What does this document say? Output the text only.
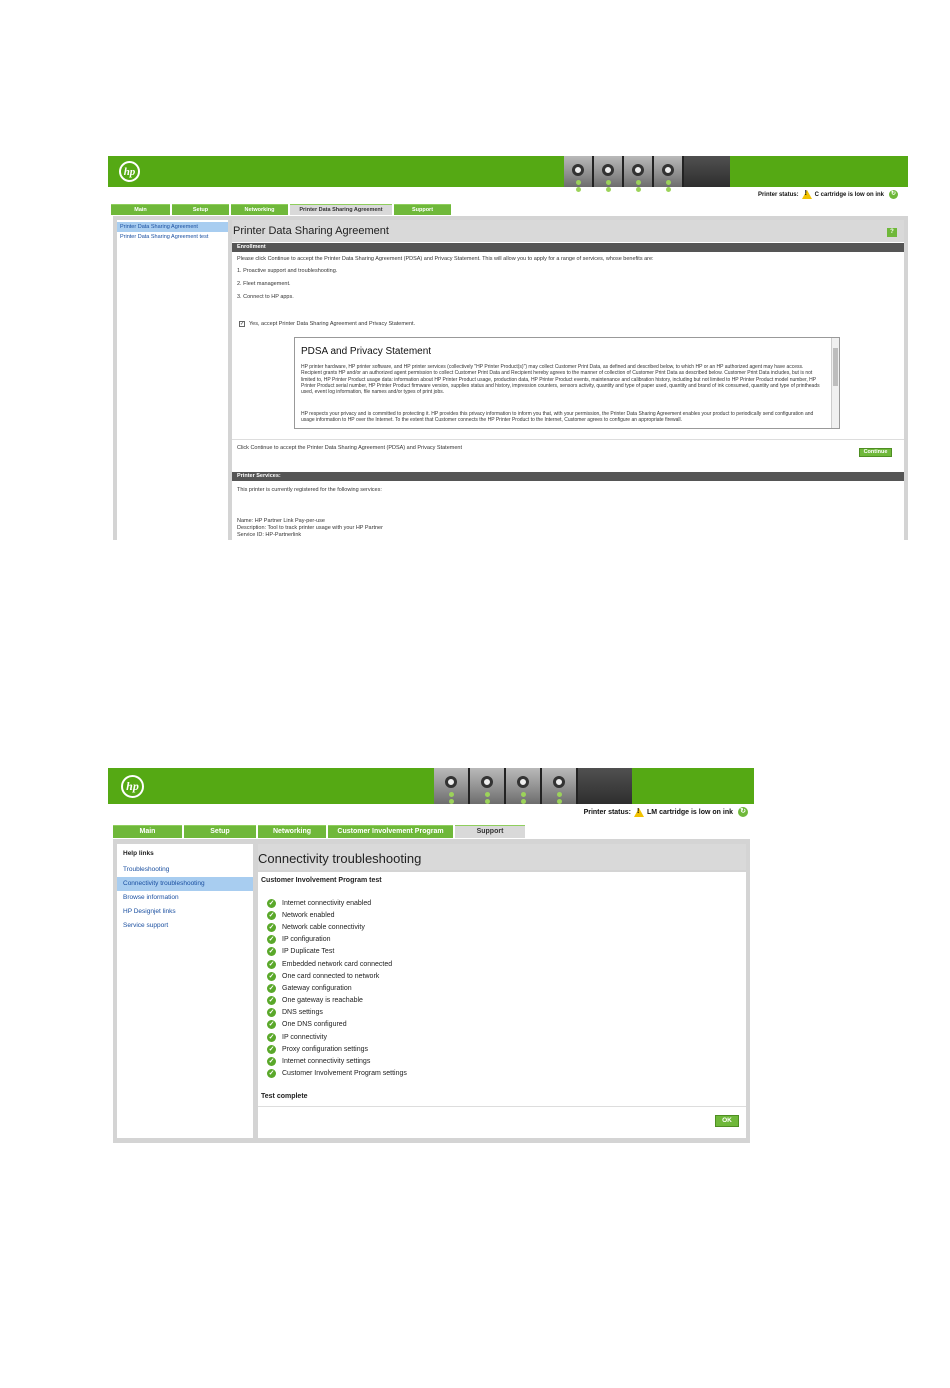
hp
Printer status: !	C cartridge is low on ink	↻
Main	Setup	Networking	Printer Data Sharing Agreement	Support
Printer Data Sharing Agreement
Printer Data Sharing Agreement test	Printer Data Sharing Agreement	?
Enrollment
Please click Continue to accept the Printer Data Sharing Agreement (PDSA) and Privacy Statement. This will allow you to apply for a range of services, whose benefits are:
1. Proactive support and troubleshooting.
2. Fleet management.
3. Connect to HP apps.
✓ Yes, accept Printer Data Sharing Agreement and Privacy Statement.
PDSA and Privacy Statement
HP printer hardware, HP printer software, and HP printer services (collectively "HP Printer Product(s)") may collect Customer Print Data, as defined and described below, to which HP or an HP authorized agent may have access. Recipient grants HP and/or an authorized agent permission to collect Customer Print Data and Recipient hereby agrees to the manner of collection of Customer Print Data as described below. Customer Print Data includes, but is not limited to, HP Printer Product usage data: information about HP Printer Product usage, production data, HP Printer Product events, maintenance and calibration history, including but not limited to HP Printer Product model number, HP Printer Product serial number, HP Printer Product firmware version, supplies status and history, impression counters, sensors activity, quantity and type of paper used, quantity and brand of ink consumed, quantity and type of printheads used, event log information, file names and/or types of print jobs.
HP respects your privacy and is committed to protecting it. HP provides this privacy information to inform you that, with your permission, the Printer Data Sharing Agreement enables your product to periodically send configuration and usage information to HP over the Internet. To the extent that Customer connects the HP Printer Product to the Internet, Customer agrees to configure an appropriate firewall.
Click Continue to accept the Printer Data Sharing Agreement (PDSA) and Privacy Statement
Continue
Printer Services:
This printer is currently registered for the following services:
Name: HP Partner Link Pay-per-use
Description: Tool to track printer usage with your HP Partner
Service ID: HP-Partnerlink
hp
Printer status: ! LM cartridge is low on ink ↻
Main	Setup	Networking	Customer Involvement Program	Support
Help links
Troubleshooting
Connectivity troubleshooting
Browse information
HP Designjet links
Service support
Customer Involvement Program test
✓ Internet connectivity enabled
✓ Network enabled
✓ Network cable connectivity
✓ IP configuration
✓ IP Duplicate Test
✓ Embedded network card connected
✓ One card connected to network
✓ Gateway configuration
✓ One gateway is reachable
✓ DNS settings
✓ One DNS configured
✓ IP connectivity
✓ Proxy configuration settings
✓ Internet connectivity settings
✓ Customer Involvement Program settings
Test complete
OK
Connectivity troubleshooting
